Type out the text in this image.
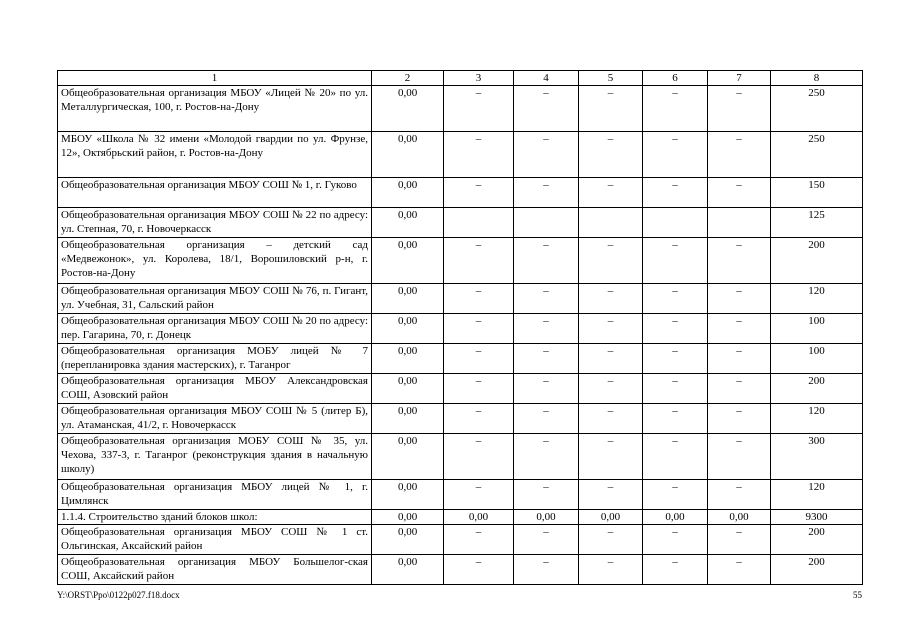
1	2	3	4	5	6	7	8
Общеобразовательная организация МБОУ «Лицей № 20» по ул. Металлургическая, 100, г. Ростов-на-Дону	0,00	–	–	–	–	–	250
МБОУ «Школа № 32 имени «Молодой гвардии по ул. Фрунзе, 12», Октябрьский район, г. Ростов-на-Дону	0,00	–	–	–	–	–	250
Общеобразовательная организация МБОУ СОШ № 1, г. Гуково	0,00	–	–	–	–	–	150
Общеобразовательная организация МБОУ СОШ № 22 по адресу: ул. Степная, 70, г. Новочеркасск	0,00						125
Общеобразовательная организация – детский сад «Медвежонок», ул. Королева, 18/1, Ворошиловский р-н, г. Ростов-на-Дону	0,00	–	–	–	–	–	200
Общеобразовательная организация МБОУ СОШ № 76, п. Гигант, ул. Учебная, 31, Сальский район	0,00	–	–	–	–	–	120
Общеобразовательная организация МБОУ СОШ № 20 по адресу: пер. Гагарина, 70, г. Донецк	0,00	–	–	–	–	–	100
Общеобразовательная организация МОБУ лицей № 7 (перепланировка здания мастерских), г. Таганрог	0,00	–	–	–	–	–	100
Общеобразовательная организация МБОУ Александровская СОШ, Азовский район	0,00	–	–	–	–	–	200
Общеобразовательная организация МБОУ СОШ № 5 (литер Б), ул. Атаманская, 41/2, г. Новочеркасск	0,00	–	–	–	–	–	120
Общеобразовательная организация МОБУ СОШ № 35, ул. Чехова, 337-3, г. Таганрог (реконструкция здания в начальную школу)	0,00	–	–	–	–	–	300
Общеобразовательная организация МБОУ лицей № 1, г. Цимлянск	0,00	–	–	–	–	–	120
1.1.4. Строительство зданий блоков школ:	0,00	0,00	0,00	0,00	0,00	0,00	9300
Общеобразовательная организация МБОУ СОШ № 1 ст. Ольгинская, Аксайский район	0,00	–	–	–	–	–	200
Общеобразовательная организация МБОУ Большелог-ская СОШ, Аксайский район	0,00	–	–	–	–	–	200
Y:\ORST\Ppo\0122p027.f18.docx	55
